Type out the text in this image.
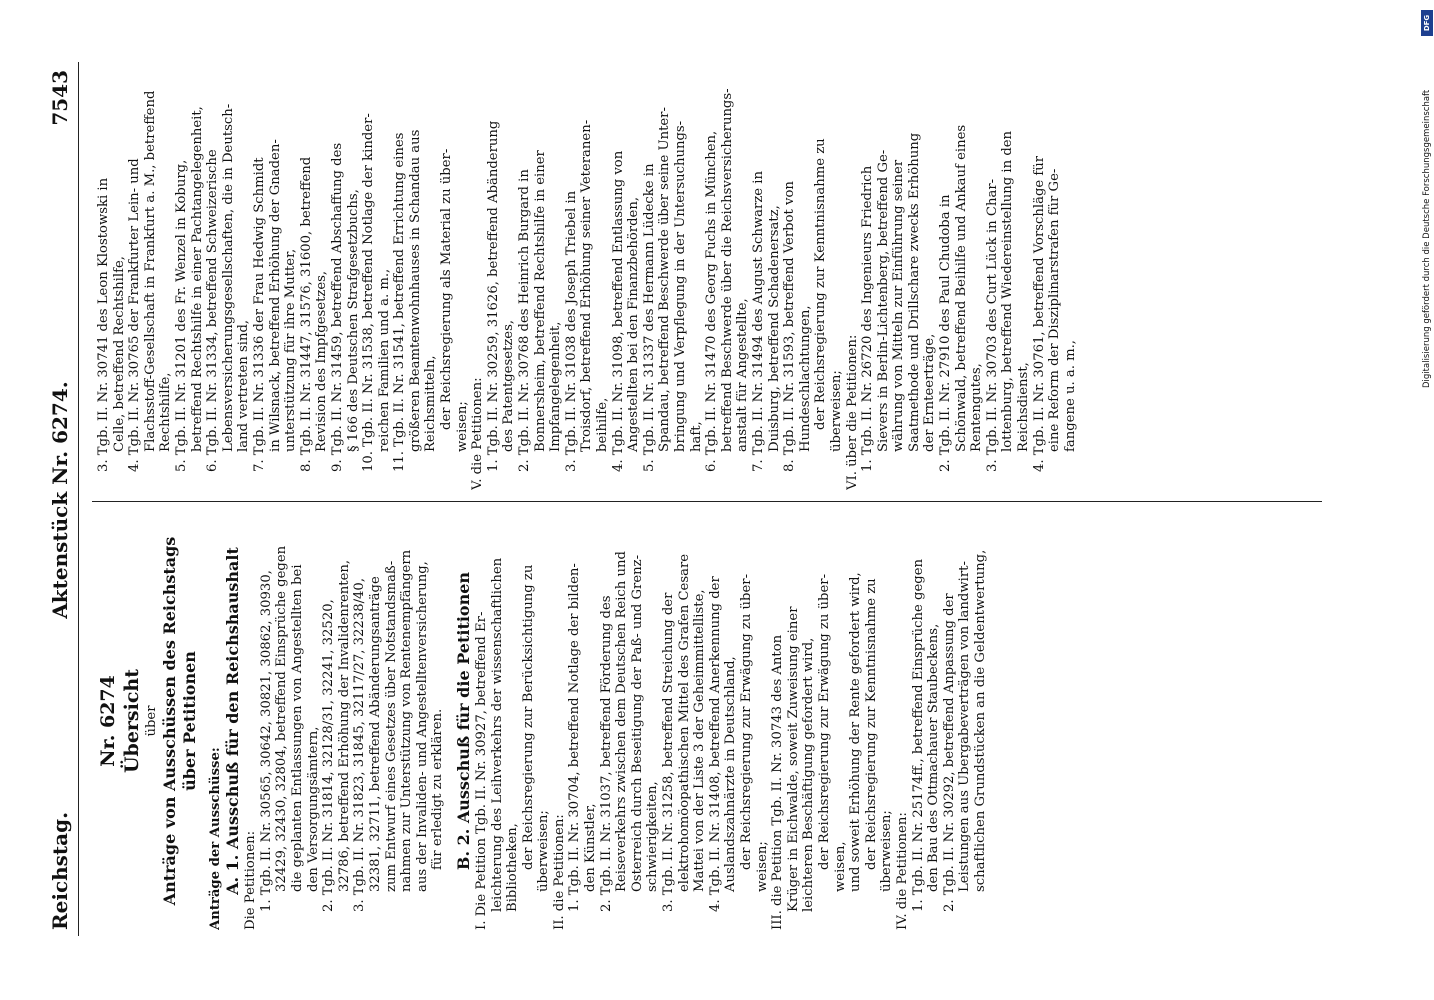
Reichstag.
Aktenstück Nr. 6274.
7543
Nr. 6274 Übersicht über Anträge von Ausschüssen des Reichstags über Petitionen
Anträge der Ausschüsse: A. 1. Ausschuß für den Reichshaushalt Die Petitionen: 1. Tgb. II. Nr. 30565, 30642, 30821, 30862, 30930, 32429, 32430, 32804, betreffend Einsprüche gegen die geplanten Entlassungen von Angestellten bei den Versorgungsämtern, 2. Tgb. II. Nr. 31814, 32128/31, 32241, 32520, 32786, betreffend Erhöhung der Invalidenrenten, 3. Tgb. II. Nr. 31823, 31845, 32117/27, 32238/40, 32381, 32711, betreffend Abänderungsanträge zum Entwurf eines Gesetzes über Notstandsmaß- nahmen zur Unterstützung von Rentenempfängern aus der Invaliden- und Angestelltenversicherung, für erledigt zu erklären. B. 2. Ausschuß für die Petitionen I. Die Petition Tgb. II. Nr. 30927, betreffend Er- leichterung des Leihverkehrs der wissenschaftlichen Bibliotheken, der Reichsregierung zur Berücksichtigung zu überweisen; II. die Petitionen: 1. Tgb. II. Nr. 30704, betreffend Notlage der bilden- den Künstler, 2. Tgb. II. Nr. 31037, betreffend Förderung des Reiseverkehrs zwischen dem Deutschen Reich und Österreich durch Beseitigung der Paß- und Grenz- schwierigkeiten, 3. Tgb. II. Nr. 31258, betreffend Streichung der elektrohomöopathischen Mittel des Grafen Cesare Mattei von der Liste 3 der Geheimmittelliste, 4. Tgb. II. Nr. 31408, betreffend Anerkennung der Auslandszahnärzte in Deutschland, der Reichsregierung zur Erwägung zu über- weisen; III. die Petition Tgb. II. Nr. 30743 des Anton Krüger in Eichwalde, soweit Zuweisung einer leichteren Beschäftigung gefordert wird, der Reichsregierung zur Erwägung zu über- weisen, und soweit Erhöhung der Rente gefordert wird, der Reichsregierung zur Kenntnisnahme zu überweisen; IV. die Petitionen: 1. Tgb. II. Nr. 25174ff., betreffend Einsprüche gegen den Bau des Ottmachauer Staubeckens, 2. Tgb. II. Nr. 30292, betreffend Anpassung der Leistungen aus Übergabeverträgen von landwirt- schaftlichen Grundstücken an die Geldentwertung,
3. Tgb. II. Nr. 30741 des Leon Klostowski in Celle, betreffend Rechtshilfe, 4. Tgb. II. Nr. 30765 der Frankfurter Lein- und Flachsstoff-Gesellschaft in Frankfurt a. M., betreffend Rechtshilfe, 5. Tgb. II. Nr. 31201 des Fr. Wenzel in Koburg, betreffend Rechtshilfe in einer Pachtangelegenheit, 6. Tgb. II. Nr. 31334, betreffend Schweizerische Lebensversicherungsgesellschaften, die in Deutsch- land vertreten sind, 7. Tgb. II. Nr. 31336 der Frau Hedwig Schmidt in Wilsnack, betreffend Erhöhung der Gnaden- unterstützung für ihre Mutter, 8. Tgb. II. Nr. 31447, 31576, 31600, betreffend Revision des Impfgesetzes, 9. Tgb. II. Nr. 31459, betreffend Abschaffung des § 166 des Deutschen Strafgesetzbuchs, 10. Tgb. II. Nr. 31538, betreffend Notlage der kinder- reichen Familien und a. m., 11. Tgb. II. Nr. 31541, betreffend Errichtung eines größeren Beamtenwohnhauses in Schandau aus Reichsmitteln, der Reichsregierung als Material zu über- weisen; V. die Petitionen: 1. Tgb. II. Nr. 30259, 31626, betreffend Abänderung des Patentgesetzes, 2. Tgb. II. Nr. 30768 des Heinrich Burgard in Bonnersheim, betreffend Rechtshilfe in einer Impfangelegenheit, 3. Tgb. II. Nr. 31038 des Joseph Triebel in Troisdorf, betreffend Erhöhung seiner Veteranen- beihilfe, 4. Tgb. II. Nr. 31098, betreffend Entlassung von Angestellten bei den Finanzbehörden, 5. Tgb. II. Nr. 31337 des Hermann Lüdecke in Spandau, betreffend Beschwerde über seine Unter- bringung und Verpflegung in der Untersuchungs- haft, 6. Tgb. II. Nr. 31470 des Georg Fuchs in München, betreffend Beschwerde über die Reichsversicherungs- anstalt für Angestellte, 7. Tgb. II. Nr. 31494 des August Schwarze in Duisburg, betreffend Schadenersatz, 8. Tgb. II. Nr. 31593, betreffend Verbot von Hundeschlachtungen, der Reichsregierung zur Kenntnisnahme zu überweisen; VI. über die Petitionen: 1. Tgb. II. Nr. 26720 des Ingenieurs Friedrich Sievers in Berlin-Lichtenberg, betreffend Ge- währung von Mitteln zur Einführung seiner Saatmethode und Drillschare zwecks Erhöhung der Ernteerträge, 2. Tgb. II. Nr. 27910 des Paul Chudoba in Schönwald, betreffend Beihilfe und Ankauf eines Rentengutes, 3. Tgb. II. Nr. 30703 des Curt Lück in Char- lottenburg, betreffend Wiedereinstellung in den Reichsdienst, 4. Tgb. II. Nr. 30761, betreffend Vorschläge für eine Reform der Disziplinarstrafen für Ge- fangene u. a. m.,
DFG
Digitalisierung gefördert durch die Deutsche Forschungsgemeinschaft
